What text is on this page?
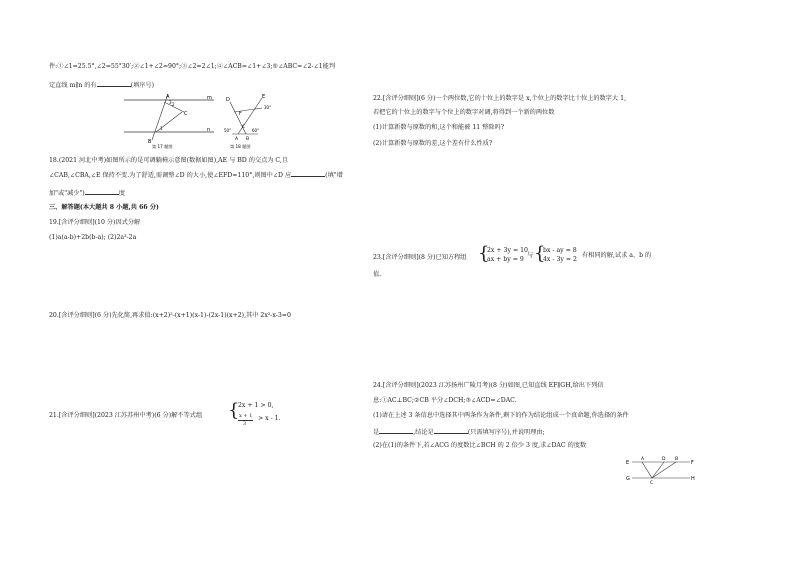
件:①∠1=25.5°,∠2=55°30′;②∠1+∠2=90°;③∠2=2∠1;④∠ACB=∠1+∠3;⑤∠ABC=∠2-∠1能判
定直线 m∥n 的有	(填序号)
m
n
A
B
C
2
1
3
第 17 题图
D	E
F
A B
C
30°
60°
50°
第 18 题图
18.(2021 河北中考)如图所示的是可调躺椅示意图(数据如图),AE 与 BD 的交点为 C,且
∠CAB,∠CBA,∠E 保持不变.为了舒适,需调整∠D 的大小,使∠EFD=110°,则图中∠D 应	(填"增
加"或"减少")	度
三、解答题(本大题共 8 小题,共 66 分)
19.[含评分细则](10 分)因式分解
(1)a(a-b)+2b(b-a); (2)2a³-2a
20.[含评分细则](6 分)先化简,再求值:(x+2)²-(x+1)(x-1)-(2x-1)(x+2),其中 2x²-x-3=0
21.[含评分细则](2023 江苏苏州中考)(6 分)解不等式组 {
2x + 1 > 0,
x + 1
3
> x - 1.
22.[含评分细则](6 分)一个两位数,它的十位上的数字是 x,个位上的数字比十位上的数字大 1,
若把它的十位上的数字与个位上的数字对调,将得到一个新的两位数
(1)计算新数与原数的和,这个和能被 11 整除吗?
(2)计算新数与原数的差,这个差有什么性质?
23.[含评分细则](8 分)已知方程组 {
2x + 3y = 10
ax + by = 9
与 {
bx - ay = 8
4x - 3y = 2
有相同的解,试求 a、b 的
值.
24.[含评分细则](2023 江苏扬州广陵月考)(8 分)如图,已知直线 EF∥GH,给出下列信
息:①AC⊥BC;②CB 平分∠DCH;③∠ACD=∠DAC.
(1)请在上述 3 条信息中选择其中两条作为条件,剩下的作为结论组成一个真命题,你选择的条件
是	,结论是	(只需填写序号),并说明理由;
(2)在(1)的条件下,若∠ACG 的度数比∠BCH 的 2 倍少 3 度,求∠DAC 的度数
E	F
G	H
A	D B
C
